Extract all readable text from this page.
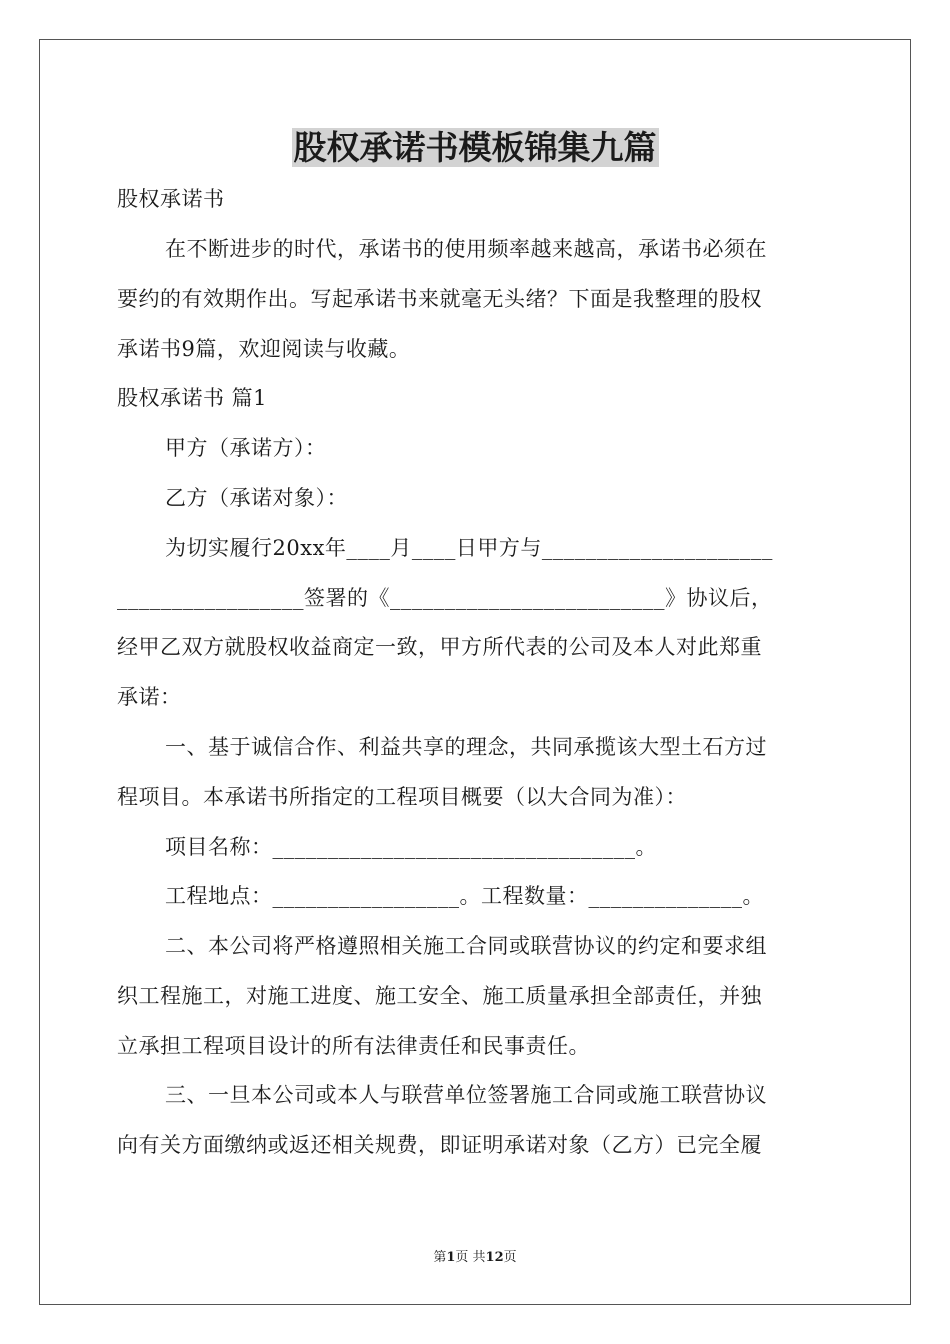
股权承诺书模板锦集九篇
股权承诺书
在不断进步的时代，承诺书的使用频率越来越高，承诺书必须在
要约的有效期作出。写起承诺书来就毫无头绪？下面是我整理的股权
承诺书9篇，欢迎阅读与收藏。
股权承诺书 篇1
甲方（承诺方）：
乙方（承诺对象）：
为切实履行20xx年____月____日甲方与_____________________
_________________签署的《_________________________》协议后，
经甲乙双方就股权收益商定一致，甲方所代表的公司及本人对此郑重
承诺：
一、基于诚信合作、利益共享的理念，共同承揽该大型土石方过
程项目。本承诺书所指定的工程项目概要（以大合同为准）：
项目名称：_________________________________。
工程地点：_________________。工程数量：______________。
二、本公司将严格遵照相关施工合同或联营协议的约定和要求组
织工程施工，对施工进度、施工安全、施工质量承担全部责任，并独
立承担工程项目设计的所有法律责任和民事责任。
三、一旦本公司或本人与联营单位签署施工合同或施工联营协议
向有关方面缴纳或返还相关规费，即证明承诺对象（乙方）已完全履
第1页 共12页
